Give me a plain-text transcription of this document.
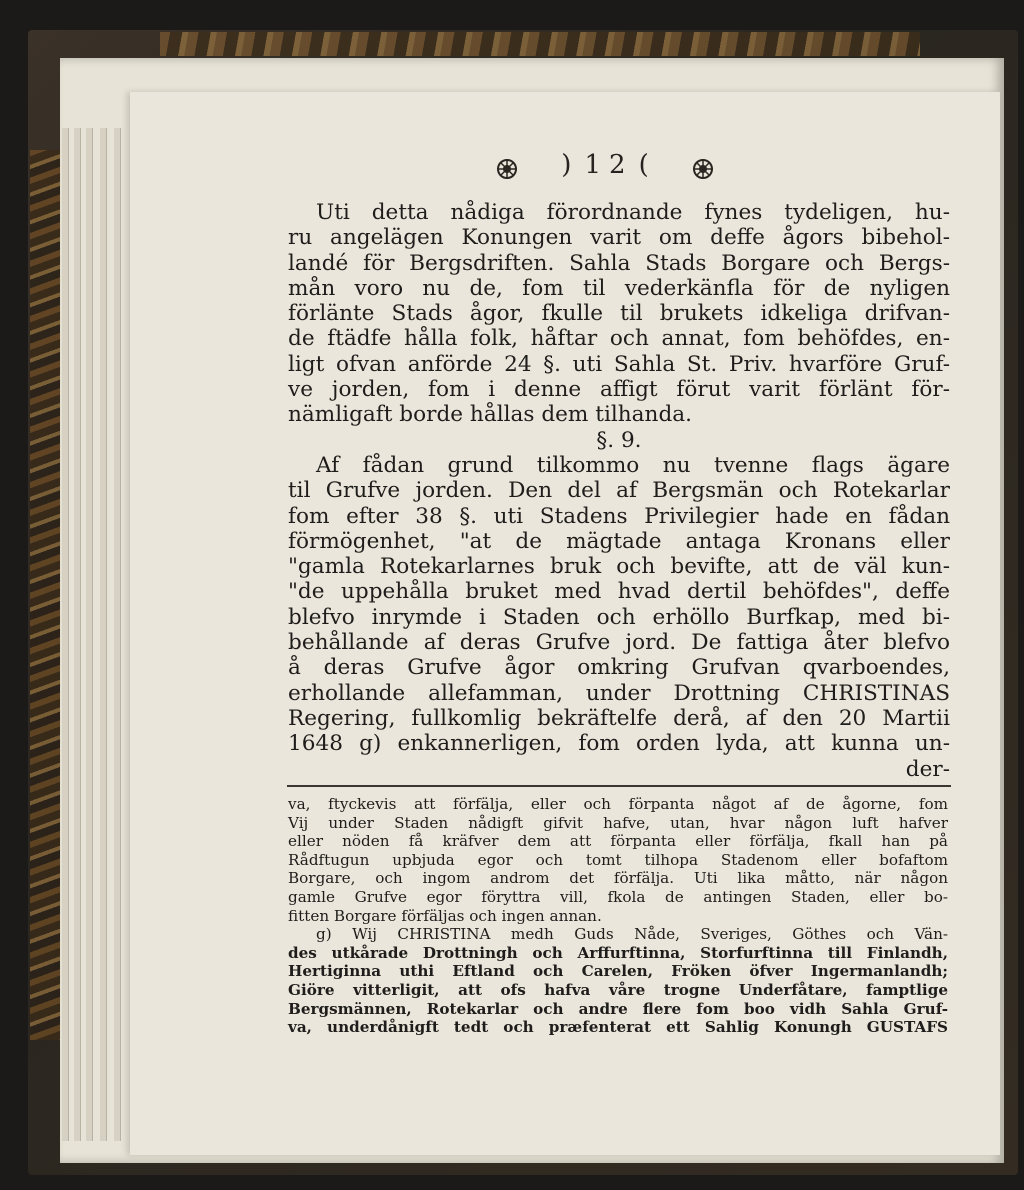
) 12 (
Uti detta nådiga förordnande fynes tydeligen, hu-
ru angelägen Konungen varit om deffe ågors bibehol-
landé för Bergsdriften. Sahla Stads Borgare och Bergs-
mån voro nu de, fom til vederkänfla för de nyligen
förlänte Stads ågor, fkulle til brukets idkeliga drifvan-
de ftädfe hålla folk, håftar och annat, fom behöfdes, en-
ligt ofvan anförde 24 §. uti Sahla St. Priv. hvarföre Gruf-
ve jorden, fom i denne affigt förut varit förlänt för-
nämligaft borde hållas dem tilhanda.
§. 9.
Af fådan grund tilkommo nu tvenne flags ägare
til Grufve jorden. Den del af Bergsmän och Rotekarlar
fom efter 38 §. uti Stadens Privilegier hade en fådan
förmögenhet, "at de mägtade antaga Kronans eller
"gamla Rotekarlarnes bruk och bevifte, att de väl kun-
"de uppehålla bruket med hvad dertil behöfdes", deffe
blefvo inrymde i Staden och erhöllo Burfkap, med bi-
behållande af deras Grufve jord. De fattiga åter blefvo
å deras Grufve ågor omkring Grufvan qvarboendes,
erhollande allefamman, under Drottning CHRISTINAS
Regering, fullkomlig bekräftelfe derå, af den 20 Martii
1648 g) enkannerligen, fom orden lyda, att kunna un-
der-
va, ftyckevis att förfälja, eller och förpanta något af de ågorne, fom
Vij under Staden nådigft gifvit hafve, utan, hvar någon luft hafver
eller nöden få kräfver dem att förpanta eller förfälja, fkall han på
Rådftugun upbjuda egor och tomt tilhopa Stadenom eller bofaftom
Borgare, och ingom androm det förfälja. Uti lika måtto, när någon
gamle Grufve egor föryttra vill, fkola de antingen Staden, eller bo-
fitten Borgare förfäljas och ingen annan.
g) Wij CHRISTINA medh Guds Nåde, Sveriges, Göthes och Vän-
des utkårade Drottningh och Arffurftinna, Storfurftinna till Finlandh,
Hertiginna uthi Eftland och Carelen, Fröken öfver Ingermanlandh;
Giöre vitterligit, att ofs hafva våre trogne Underfåtare, famptlige
Bergsmännen, Rotekarlar och andre flere fom boo vidh Sahla Gruf-
va, underdånigft tedt och præfenterat ett Sahlig Konungh GUSTAFS
